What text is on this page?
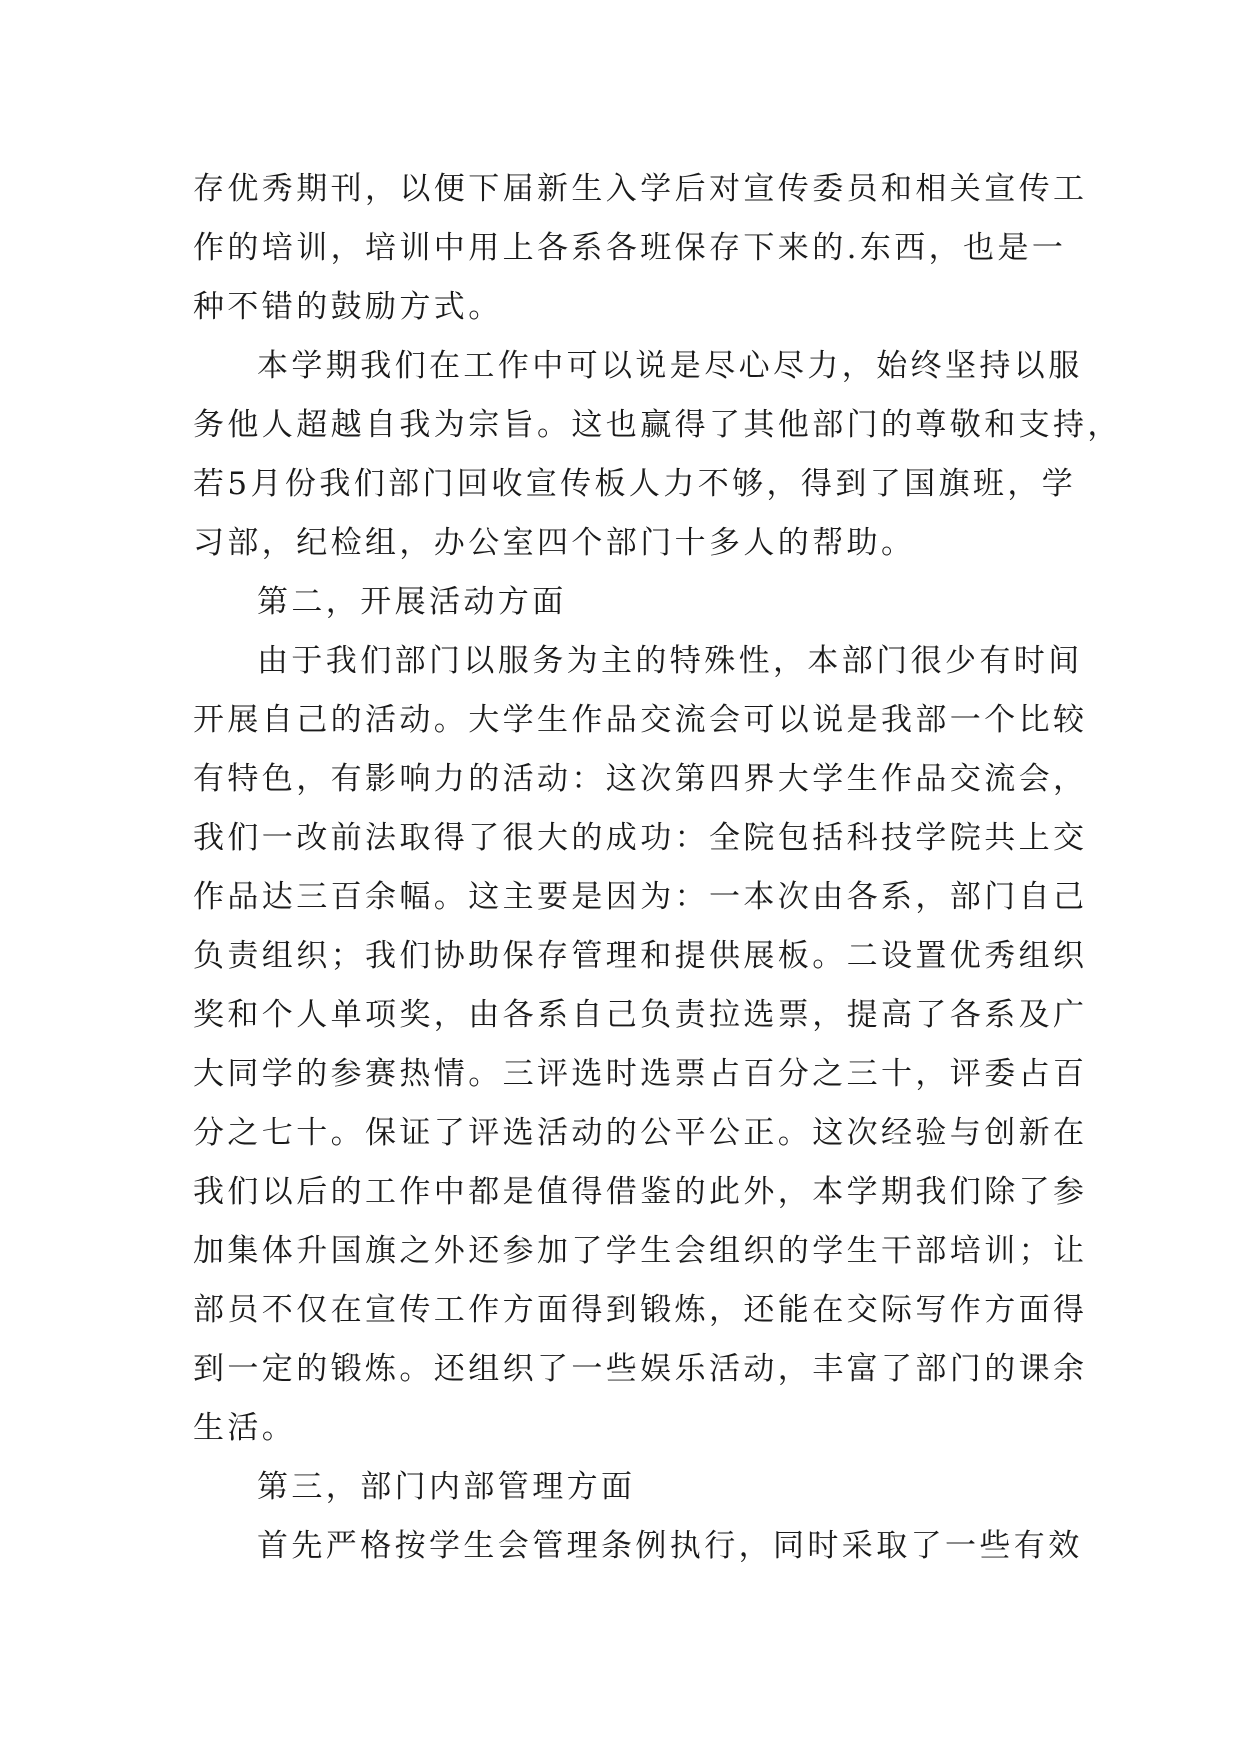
存优秀期刊，以便下届新生入学后对宣传委员和相关宣传工
作的培训，培训中用上各系各班保存下来的.东西，也是一
种不错的鼓励方式。
本学期我们在工作中可以说是尽心尽力，始终坚持以服
务他人超越自我为宗旨。这也赢得了其他部门的尊敬和支持，
若5月份我们部门回收宣传板人力不够，得到了国旗班，学
习部，纪检组，办公室四个部门十多人的帮助。
第二，开展活动方面
由于我们部门以服务为主的特殊性，本部门很少有时间
开展自己的活动。大学生作品交流会可以说是我部一个比较
有特色，有影响力的活动：这次第四界大学生作品交流会，
我们一改前法取得了很大的成功：全院包括科技学院共上交
作品达三百余幅。这主要是因为：一本次由各系，部门自己
负责组织；我们协助保存管理和提供展板。二设置优秀组织
奖和个人单项奖，由各系自己负责拉选票，提高了各系及广
大同学的参赛热情。三评选时选票占百分之三十，评委占百
分之七十。保证了评选活动的公平公正。这次经验与创新在
我们以后的工作中都是值得借鉴的此外，本学期我们除了参
加集体升国旗之外还参加了学生会组织的学生干部培训；让
部员不仅在宣传工作方面得到锻炼，还能在交际写作方面得
到一定的锻炼。还组织了一些娱乐活动，丰富了部门的课余
生活。
第三，部门内部管理方面
首先严格按学生会管理条例执行，同时采取了一些有效
